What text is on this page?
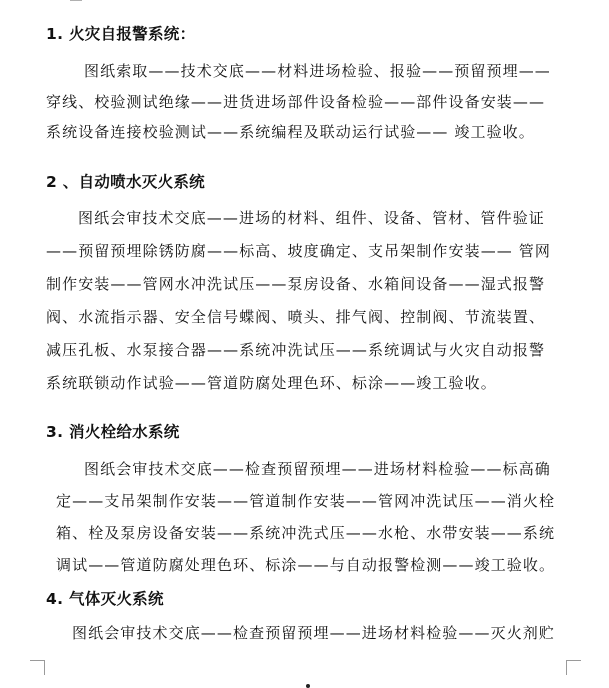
1. 火灾自报警系统：
图纸索取——技术交底——材料进场检验、报验——预留预埋——
穿线、校验测试绝缘——进货进场部件设备检验——部件设备安装——
系统设备连接校验测试——系统编程及联动运行试验—— 竣工验收。
2 、自动喷水灭火系统
图纸会审技术交底——进场的材料、组件、设备、管材、管件验证
——预留预埋除锈防腐——标高、坡度确定、支吊架制作安装—— 管网
制作安装——管网水冲洗试压——泵房设备、水箱间设备——湿式报警
阀、水流指示器、安全信号蝶阀、喷头、排气阀、控制阀、节流装置、
减压孔板、水泵接合器——系统冲洗试压——系统调试与火灾自动报警
系统联锁动作试验——管道防腐处理色环、标涂——竣工验收。
3. 消火栓给水系统
图纸会审技术交底——检查预留预埋——进场材料检验——标高确
定——支吊架制作安装——管道制作安装——管网冲洗试压——消火栓
箱、栓及泵房设备安装——系统冲洗式压——水枪、水带安装——系统
调试——管道防腐处理色环、标涂——与自动报警检测——竣工验收。
4. 气体灭火系统
图纸会审技术交底——检查预留预埋——进场材料检验——灭火剂贮
